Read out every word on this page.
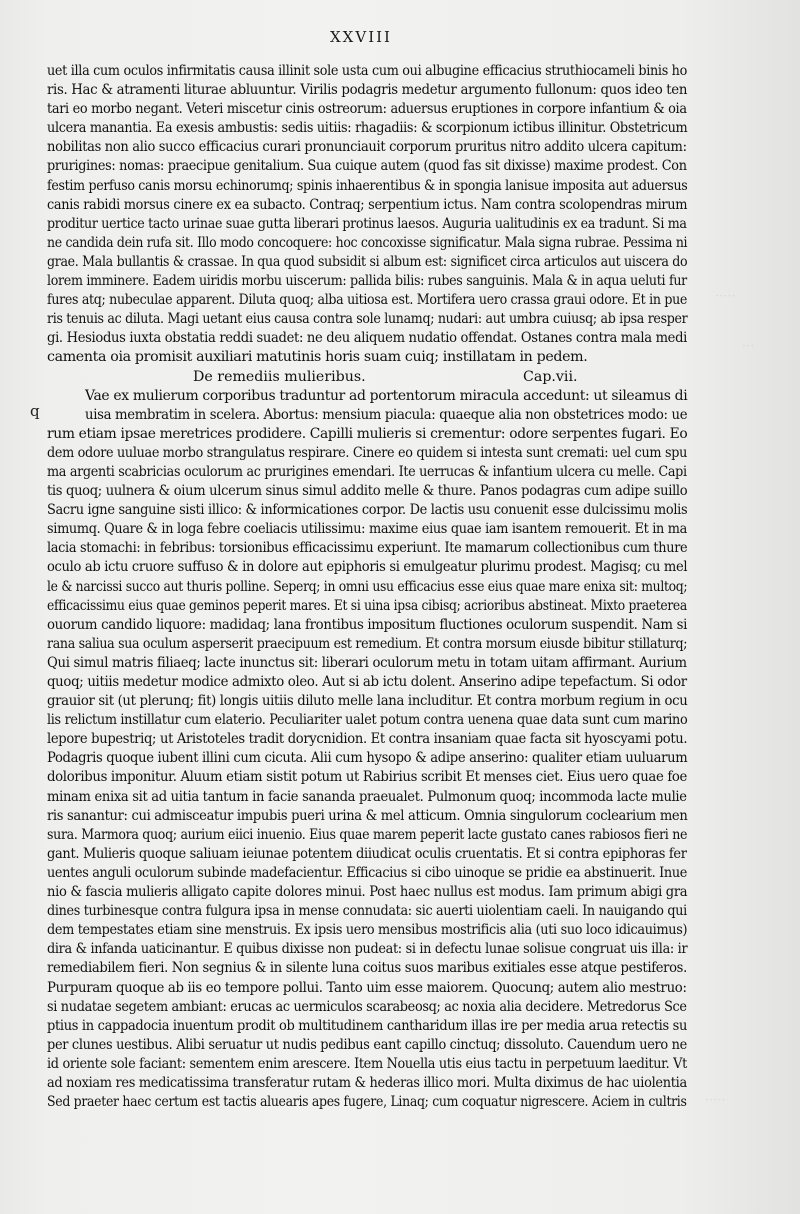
·····
···
·····
XXVIII
q
uet illa cum oculos infirmitatis causa illinit sole usta cum oui albugine efficacius struthiocameli binis ho
ris. Hac & atramenti liturae abluuntur. Virilis podagris medetur argumento fullonum: quos ideo ten
tari eo morbo negant. Veteri miscetur cinis ostreorum: aduersus eruptiones in corpore infantium & oia
ulcera manantia. Ea exesis ambustis: sedis uitiis: rhagadiis: & scorpionum ictibus illinitur. Obstetricum
nobilitas non alio succo efficacius curari pronunciauit corporum pruritus nitro addito ulcera capitum:
prurigines: nomas: praecipue genitalium. Sua cuique autem (quod fas sit dixisse) maxime prodest. Con
festim perfuso canis morsu echinorumq; spinis inhaerentibus & in spongia lanisue imposita aut aduersus
canis rabidi morsus cinere ex ea subacto. Contraq; serpentium ictus. Nam contra scolopendras mirum
proditur uertice tacto urinae suae gutta liberari protinus laesos. Auguria ualitudinis ex ea tradunt. Si ma
ne candida dein rufa sit. Illo modo concoquere: hoc concoxisse significatur. Mala signa rubrae. Pessima ni
grae. Mala bullantis & crassae. In qua quod subsidit si album est: significet circa articulos aut uiscera do
lorem imminere. Eadem uiridis morbu uiscerum: pallida bilis: rubes sanguinis. Mala & in aqua ueluti fur
fures atq; nubeculae apparent. Diluta quoq; alba uitiosa est. Mortifera uero crassa graui odore. Et in pue
ris tenuis ac diluta. Magi uetant eius causa contra sole lunamq; nudari: aut umbra cuiusq; ab ipsa resper
gi. Hesiodus iuxta obstatia reddi suadet: ne deu aliquem nudatio offendat. Ostanes contra mala medi
camenta oia promisit auxiliari matutinis horis suam cuiq; instillatam in pedem.
De remediis mulieribus.	Cap.vii.
Vae ex mulierum corporibus traduntur ad portentorum miracula accedunt: ut sileamus di
uisa membratim in scelera. Abortus: mensium piacula: quaeque alia non obstetrices modo: ue
rum etiam ipsae meretrices prodidere. Capilli mulieris si crementur: odore serpentes fugari. Eo
dem odore uuluae morbo strangulatus respirare. Cinere eo quidem si intesta sunt cremati: uel cum spu
ma argenti scabricias oculorum ac prurigines emendari. Ite uerrucas & infantium ulcera cu melle. Capi
tis quoq; uulnera & oium ulcerum sinus simul addito melle & thure. Panos podagras cum adipe suillo
Sacru igne sanguine sisti illico: & informicationes corpor. De lactis usu conuenit esse dulcissimu molis
simumq. Quare & in loga febre coeliacis utilissimu: maxime eius quae iam isantem remouerit. Et in ma
lacia stomachi: in febribus: torsionibus efficacissimu experiunt. Ite mamarum collectionibus cum thure
oculo ab ictu cruore suffuso & in dolore aut epiphoris si emulgeatur plurimu prodest. Magisq; cu mel
le & narcissi succo aut thuris polline. Seperq; in omni usu efficacius esse eius quae mare enixa sit: multoq;
efficacissimu eius quae geminos peperit mares. Et si uina ipsa cibisq; acrioribus abstineat. Mixto praeterea
ouorum candido liquore: madidaq; lana frontibus impositum fluctiones oculorum suspendit. Nam si
rana saliua sua oculum asperserit praecipuum est remedium. Et contra morsum eiusde bibitur stillaturq;
Qui simul matris filiaeq; lacte inunctus sit: liberari oculorum metu in totam uitam affirmant. Aurium
quoq; uitiis medetur modice admixto oleo. Aut si ab ictu dolent. Anserino adipe tepefactum. Si odor
grauior sit (ut plerunq; fit) longis uitiis diluto melle lana includitur. Et contra morbum regium in ocu
lis relictum instillatur cum elaterio. Peculiariter ualet potum contra uenena quae data sunt cum marino
lepore bupestriq; ut Aristoteles tradit dorycnidion. Et contra insaniam quae facta sit hyoscyami potu.
Podagris quoque iubent illini cum cicuta. Alii cum hysopo & adipe anserino: qualiter etiam uuluarum
doloribus imponitur. Aluum etiam sistit potum ut Rabirius scribit Et menses ciet. Eius uero quae foe
minam enixa sit ad uitia tantum in facie sananda praeualet. Pulmonum quoq; incommoda lacte mulie
ris sanantur: cui admisceatur impubis pueri urina & mel atticum. Omnia singulorum coclearium men
sura. Marmora quoq; aurium eiici inuenio. Eius quae marem peperit lacte gustato canes rabiosos fieri ne
gant. Mulieris quoque saliuam ieiunae potentem diiudicat oculis cruentatis. Et si contra epiphoras fer
uentes anguli oculorum subinde madefacientur. Efficacius si cibo uinoque se pridie ea abstinuerit. Inue
nio & fascia mulieris alligato capite dolores minui. Post haec nullus est modus. Iam primum abigi gra
dines turbinesque contra fulgura ipsa in mense connudata: sic auerti uiolentiam caeli. In nauigando qui
dem tempestates etiam sine menstruis. Ex ipsis uero mensibus mostrificis alia (uti suo loco idicauimus)
dira & infanda uaticinantur. E quibus dixisse non pudeat: si in defectu lunae solisue congruat uis illa: ir
remediabilem fieri. Non segnius & in silente luna coitus suos maribus exitiales esse atque pestiferos.
Purpuram quoque ab iis eo tempore pollui. Tanto uim esse maiorem. Quocunq; autem alio mestruo:
si nudatae segetem ambiant: erucas ac uermiculos scarabeosq; ac noxia alia decidere. Metredorus Sce
ptius in cappadocia inuentum prodit ob multitudinem cantharidum illas ire per media arua retectis su
per clunes uestibus. Alibi seruatur ut nudis pedibus eant capillo cinctuq; dissoluto. Cauendum uero ne
id oriente sole faciant: sementem enim arescere. Item Nouella utis eius tactu in perpetuum laeditur. Vt
ad noxiam res medicatissima transferatur rutam & hederas illico mori. Multa diximus de hac uiolentia
Sed praeter haec certum est tactis aluearis apes fugere, Linaq; cum coquatur nigrescere. Aciem in cultris
